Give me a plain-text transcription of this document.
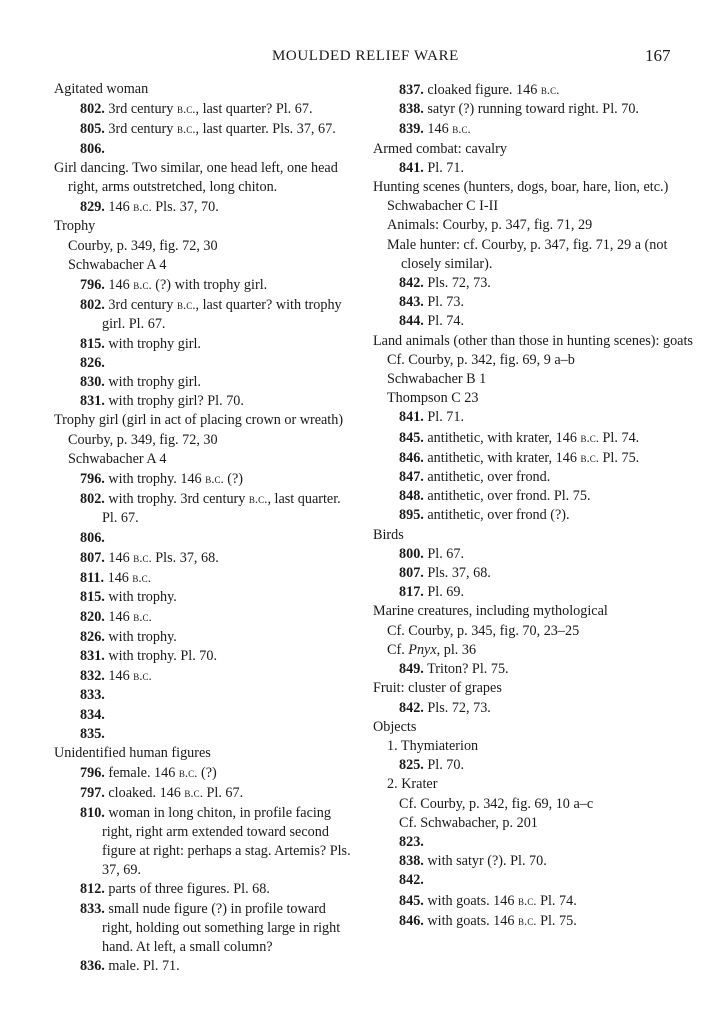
MOULDED RELIEF WARE	167
Agitated woman
802. 3rd century b.c., last quarter? Pl. 67.
805. 3rd century b.c., last quarter. Pls. 37, 67.
806.
Girl dancing. Two similar, one head left, one head right, arms outstretched, long chiton.
829. 146 b.c. Pls. 37, 70.
Trophy
Courby, p. 349, fig. 72, 30
Schwabacher A 4
796. 146 b.c. (?) with trophy girl.
802. 3rd century b.c., last quarter? with trophy girl. Pl. 67.
815. with trophy girl.
826.
830. with trophy girl.
831. with trophy girl? Pl. 70.
Trophy girl (girl in act of placing crown or wreath)
Courby, p. 349, fig. 72, 30
Schwabacher A 4
796. with trophy. 146 b.c. (?)
802. with trophy. 3rd century b.c., last quarter. Pl. 67.
806.
807. 146 b.c. Pls. 37, 68.
811. 146 b.c.
815. with trophy.
820. 146 b.c.
826. with trophy.
831. with trophy. Pl. 70.
832. 146 b.c.
833.
834.
835.
Unidentified human figures
796. female. 146 b.c. (?)
797. cloaked. 146 b.c. Pl. 67.
810. woman in long chiton, in profile facing right, right arm extended toward second figure at right: perhaps a stag. Artemis? Pls. 37, 69.
812. parts of three figures. Pl. 68.
833. small nude figure (?) in profile toward right, holding out something large in right hand. At left, a small column?
836. male. Pl. 71.
837. cloaked figure. 146 b.c.
838. satyr (?) running toward right. Pl. 70.
839. 146 b.c.
Armed combat: cavalry
841. Pl. 71.
Hunting scenes (hunters, dogs, boar, hare, lion, etc.)
Schwabacher C I-II
Animals: Courby, p. 347, fig. 71, 29
Male hunter: cf. Courby, p. 347, fig. 71, 29 a (not closely similar).
842. Pls. 72, 73.
843. Pl. 73.
844. Pl. 74.
Land animals (other than those in hunting scenes): goats
Cf. Courby, p. 342, fig. 69, 9 a–b
Schwabacher B 1
Thompson C 23
841. Pl. 71.
845. antithetic, with krater, 146 b.c. Pl. 74.
846. antithetic, with krater, 146 b.c. Pl. 75.
847. antithetic, over frond.
848. antithetic, over frond. Pl. 75.
895. antithetic, over frond (?).
Birds
800. Pl. 67.
807. Pls. 37, 68.
817. Pl. 69.
Marine creatures, including mythological
Cf. Courby, p. 345, fig. 70, 23–25
Cf. Pnyx, pl. 36
849. Triton? Pl. 75.
Fruit: cluster of grapes
842. Pls. 72, 73.
Objects
1. Thymiaterion
825. Pl. 70.
2. Krater
Cf. Courby, p. 342, fig. 69, 10 a–c
Cf. Schwabacher, p. 201
823.
838. with satyr (?). Pl. 70.
842.
845. with goats. 146 b.c. Pl. 74.
846. with goats. 146 b.c. Pl. 75.
